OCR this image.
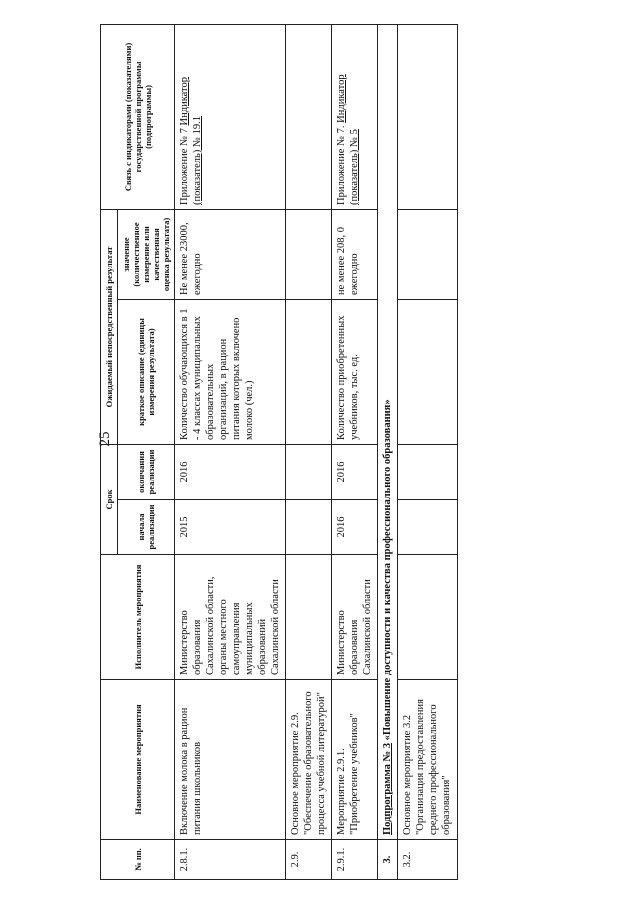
25
№ пп.	Наименование мероприятия	Исполнитель мероприятия	Срок		Ожидаемый непосредственный результат		Связь с индикаторами (показателями) государственной программы (подпрограммы)
			начала реализации	окончания реализации	краткое описание (единицы измерения результата)	значение (количественное измерение или качественная оценка результата)	
2.8.1.	Включение молока в рацион питания школьников	Министерство образования Сахалинской области, органы местного самоуправления муниципальных образований Сахалинской области	2015	2016	Количество обучающихся в 1 - 4 классах муниципальных образовательных организаций, в рацион питания которых включено молоко (чел.)	Не менее 23000, ежегодно	Приложение № 7 Индикатор (показатель) № 19.1
2.9.	Основное мероприятие 2.9. "Обеспечение образовательного процесса учебной литературой"						
2.9.1.	Мероприятие 2.9.1. "Приобретение учебников"	Министерство образования Сахалинской области	2016	2016	Количество приобретенных учебников, тыс. ед.	не менее 208, 0 ежегодно	Приложение № 7. Индикатор (показатель) № 5
3.	Подпрограмма № 3 «Повышение доступности и качества профессионального образования»						
3.2.	Основное мероприятие 3.2 "Организация предоставления среднего профессионального образования"						
